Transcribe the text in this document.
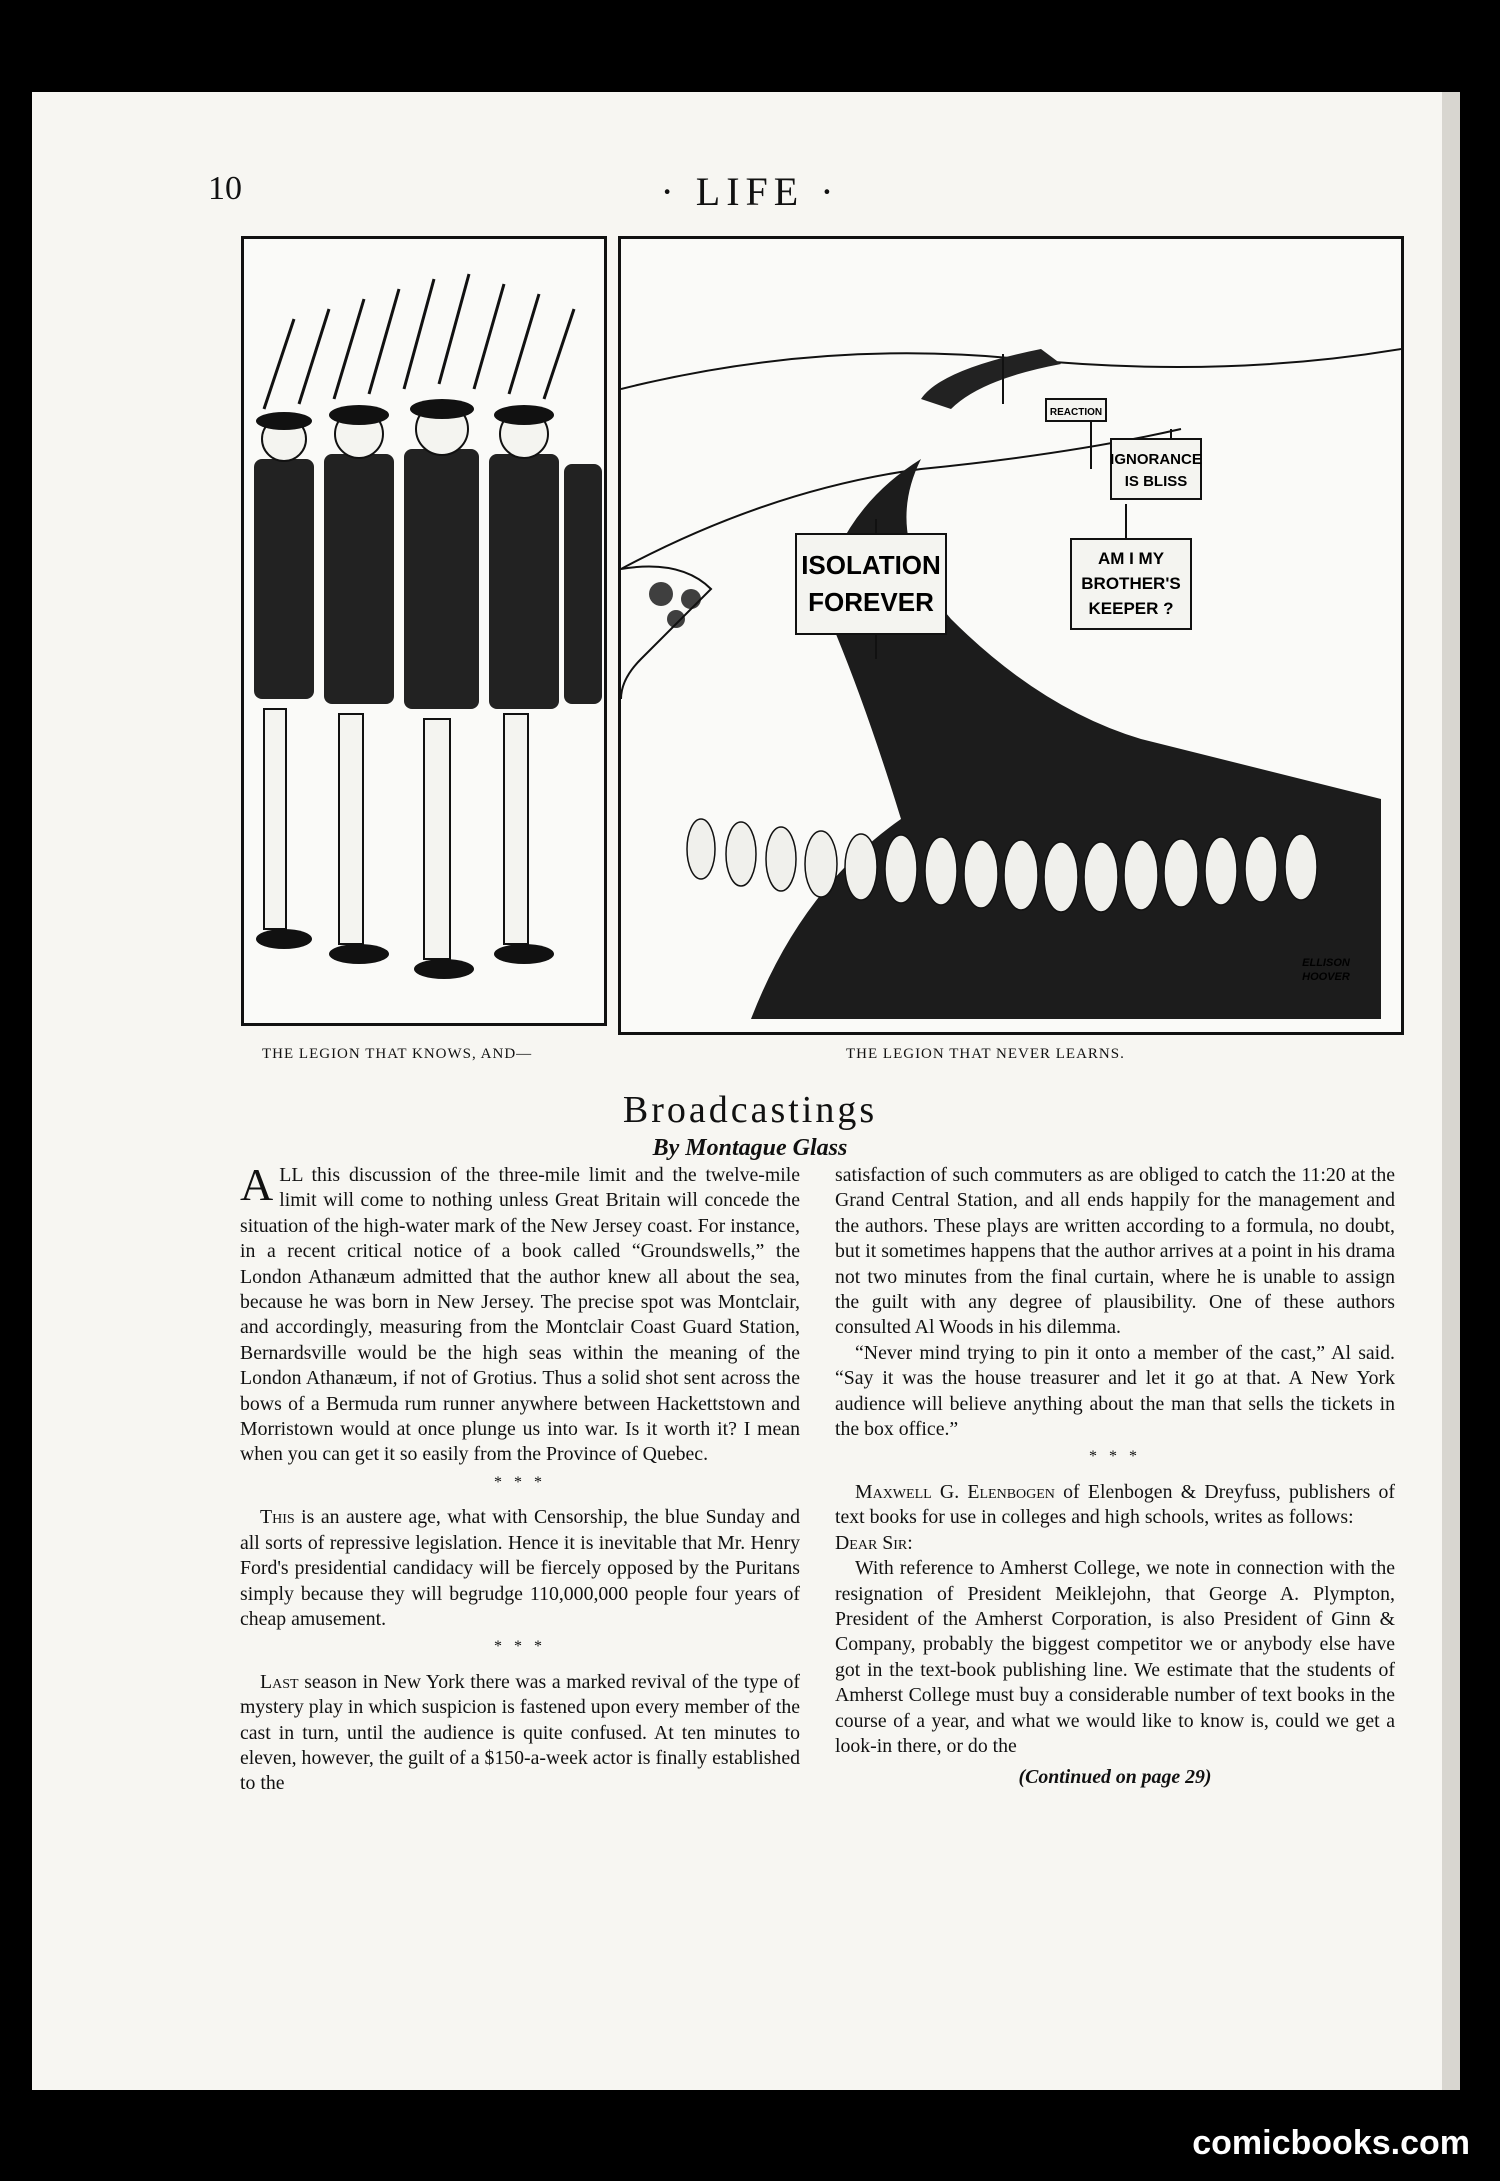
10	· LIFE ·
REACTION
IGNORANCE
IS BLISS
AM I MY
BROTHER'S
KEEPER ?
ISOLATION
FOREVER
ELLISON
HOOVER
THE LEGION THAT KNOWS, AND—	THE LEGION THAT NEVER LEARNS.
Broadcastings
By Montague Glass

ALL this discussion of the three-mile limit and the twelve-mile limit will come to nothing unless Great Britain will concede the situation of the high-water mark of the New Jersey coast. For instance, in a recent critical notice of a book called “Groundswells,” the London Athanæum admitted that the author knew all about the sea, because he was born in New Jersey. The precise spot was Montclair, and accordingly, measuring from the Montclair Coast Guard Station, Bernardsville would be the high seas within the meaning of the London Athanæum, if not of Grotius. Thus a solid shot sent across the bows of a Bermuda rum runner anywhere between Hackettstown and Morristown would at once plunge us into war. Is it worth it? I mean when you can get it so easily from the Province of Quebec.

* * *

This is an austere age, what with Censorship, the blue Sunday and all sorts of repressive legislation. Hence it is inevitable that Mr. Henry Ford's presidential candidacy will be fiercely opposed by the Puritans simply because they will begrudge 110,000,000 people four years of cheap amusement.

* * *

Last season in New York there was a marked revival of the type of mystery play in which suspicion is fastened upon every member of the cast in turn, until the audience is quite confused. At ten minutes to eleven, however, the guilt of a $150-a-week actor is finally established to the

satisfaction of such commuters as are obliged to catch the 11:20 at the Grand Central Station, and all ends happily for the management and the authors. These plays are written according to a formula, no doubt, but it sometimes happens that the author arrives at a point in his drama not two minutes from the final curtain, where he is unable to assign the guilt with any degree of plausibility. One of these authors consulted Al Woods in his dilemma.

“Never mind trying to pin it onto a member of the cast,” Al said. “Say it was the house treasurer and let it go at that. A New York audience will believe anything about the man that sells the tickets in the box office.”

* * *

Maxwell G. Elenbogen of Elenbogen & Dreyfuss, publishers of text books for use in colleges and high schools, writes as follows:

Dear Sir:

With reference to Amherst College, we note in connection with the resignation of President Meiklejohn, that George A. Plympton, President of the Amherst Corporation, is also President of Ginn & Company, probably the biggest competitor we or anybody else have got in the text-book publishing line. We estimate that the students of Amherst College must buy a considerable number of text books in the course of a year, and what we would like to know is, could we get a look-in there, or do the

(Continued on page 29)
comicbooks.com
